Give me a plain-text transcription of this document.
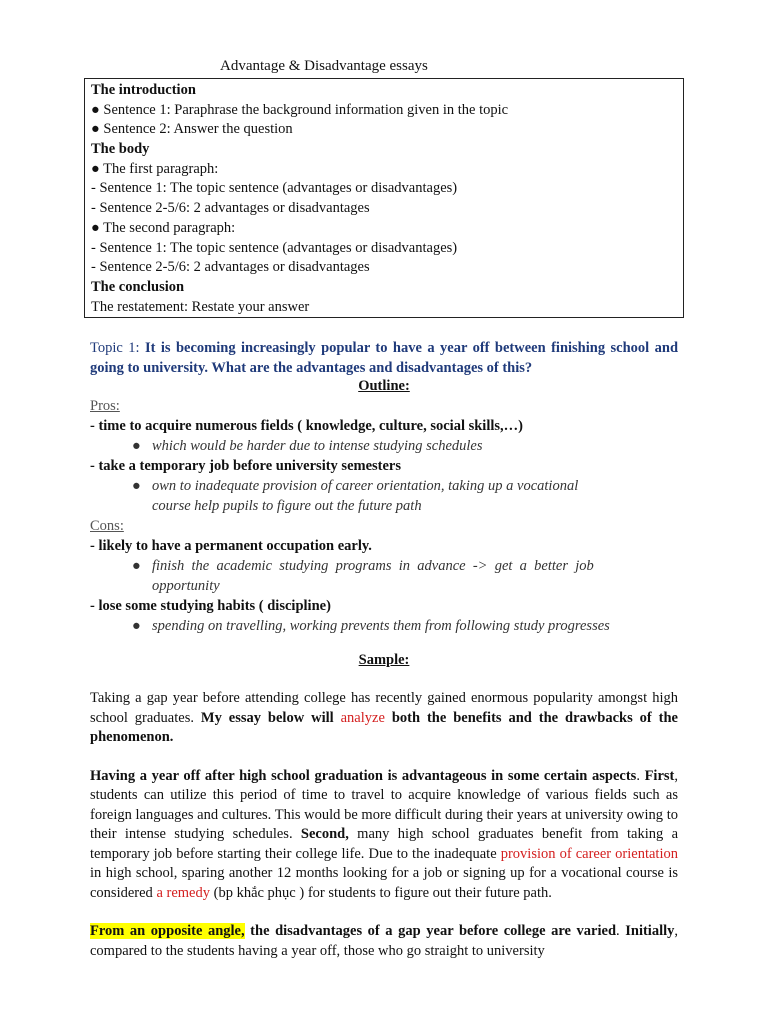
Advantage & Disadvantage essays
The introduction
● Sentence 1: Paraphrase the background information given in the topic
● Sentence 2: Answer the question
The body
● The first paragraph:
- Sentence 1: The topic sentence (advantages or disadvantages)
- Sentence 2-5/6: 2 advantages or disadvantages
● The second paragraph:
- Sentence 1: The topic sentence (advantages or disadvantages)
- Sentence 2-5/6: 2 advantages or disadvantages
The conclusion
The restatement: Restate your answer
Topic 1: It is becoming increasingly popular to have a year off between finishing school and going to university. What are the advantages and disadvantages of this?
Outline:
Pros:
- time to acquire numerous fields ( knowledge, culture, social skills,…)
● which would be harder due to intense studying schedules
- take a temporary job before university semesters
● own to inadequate provision of career orientation, taking up a vocational
course help pupils to figure out the future path
Cons:
- likely to have a permanent occupation early.
● finish  the  academic  studying  programs  in  advance  ->  get  a  better  job
opportunity
- lose some studying habits ( discipline)
● spending on travelling, working prevents them from following study progresses
Sample:

Taking a gap year before attending college has recently gained enormous popularity amongst high school graduates. My essay below will analyze both the benefits and the drawbacks of the phenomenon.

Having a year off after high school graduation is advantageous in some certain aspects. First, students can utilize this period of time to travel to acquire knowledge of various fields such as foreign languages and cultures. This would be more difficult during their years at university owing to their intense studying schedules. Second, many high school graduates benefit from taking a temporary job before starting their college life. Due to the inadequate provision of career orientation in high school, sparing another 12 months looking for a job or signing up for a vocational course is considered a remedy (bp khắc phục ) for students to figure out their future path.

From an opposite angle, the disadvantages of a gap year before college are varied. Initially, compared to the students having a year off, those who go straight to university
